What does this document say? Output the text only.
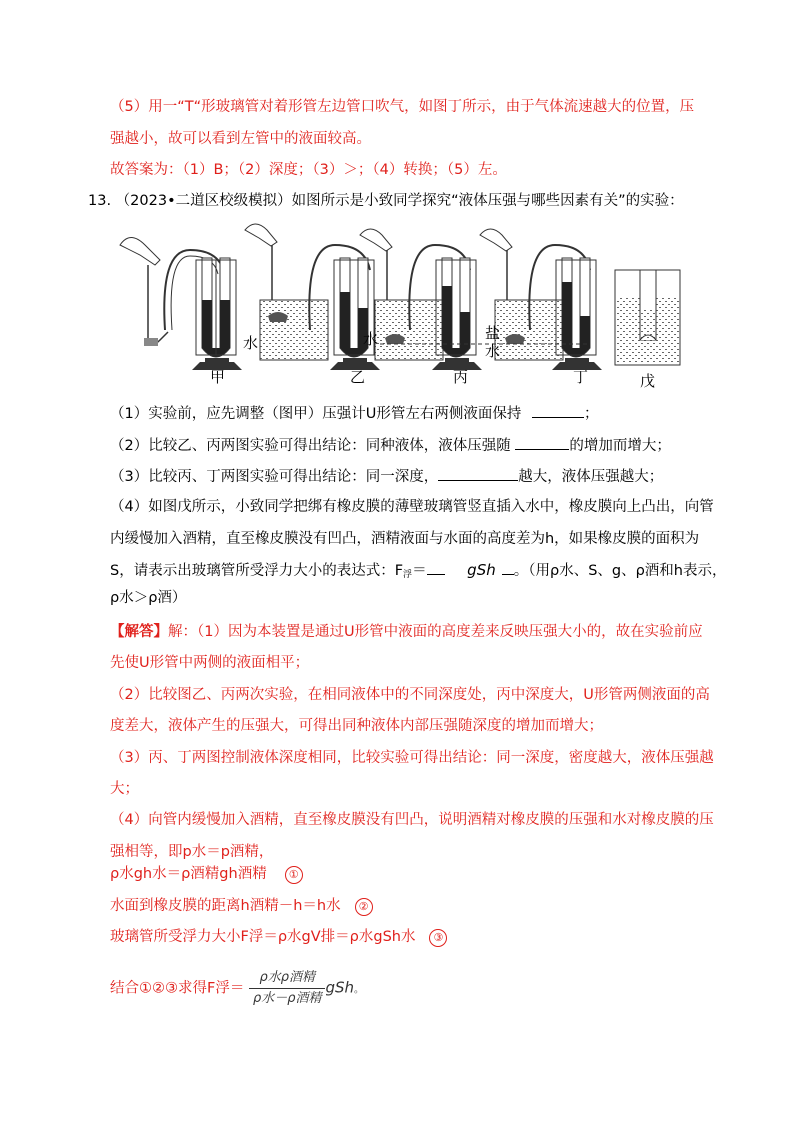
（5）用一“T“形玻璃管对着形管左边管口吹气，如图丁所示，由于气体流速越大的位置，压
强越小，故可以看到左管中的液面较高。
故答案为：（1）B；（2）深度；（3）＞；（4）转换；（5）左。
13. （2023•二道区校级模拟）如图所示是小致同学探究“液体压强与哪些因素有关”的实验：
水	水	盐
水
甲	乙	丙	丁	戊
（1）实验前，应先调整（图甲）压强计U形管左右两侧液面保持	；
（2）比较乙、丙两图实验可得出结论：同种液体，液体压强随	的增加而增大；
（3）比较丙、丁两图实验可得出结论：同一深度，	越大，液体压强越大；
（4）如图戊所示，小致同学把绑有橡皮膜的薄壁玻璃管竖直插入水中，橡皮膜向上凸出，向管
内缓慢加入酒精，直至橡皮膜没有凹凸，酒精液面与水面的高度差为h，如果橡皮膜的面积为
S，请表示出玻璃管所受浮力大小的表达式：$F_浮=$	gSh 。（用ρ水、S、g、ρ酒和h表示，
ρ水＞ρ酒）
【解答】解：（1）因为本装置是通过U形管中液面的高度差来反映压强大小的，故在实验前应
先使U形管中两侧的液面相平；
（2）比较图乙、丙两次实验，在相同液体中的不同深度处，丙中深度大，U形管两侧液面的高
度差大，液体产生的压强大，可得出同种液体内部压强随深度的增加而增大；
（3）丙、丁两图控制液体深度相同，比较实验可得出结论：同一深度，密度越大，液体压强越
大；
（4）向管内缓慢加入酒精，直至橡皮膜没有凹凸，说明酒精对橡皮膜的压强和水对橡皮膜的压
强相等，即p水＝p酒精，
ρ水gh水＝ρ酒精gh酒精 ①
水面到橡皮膜的距离h酒精－h＝h水 ②
玻璃管所受浮力大小F浮＝ρ水gV排＝ρ水gSh水 ③
结合①②③求得F浮＝ $\frac{\text{ρ水ρ酒精}}{\text{ρ水－ρ酒精}}$ gSh。
